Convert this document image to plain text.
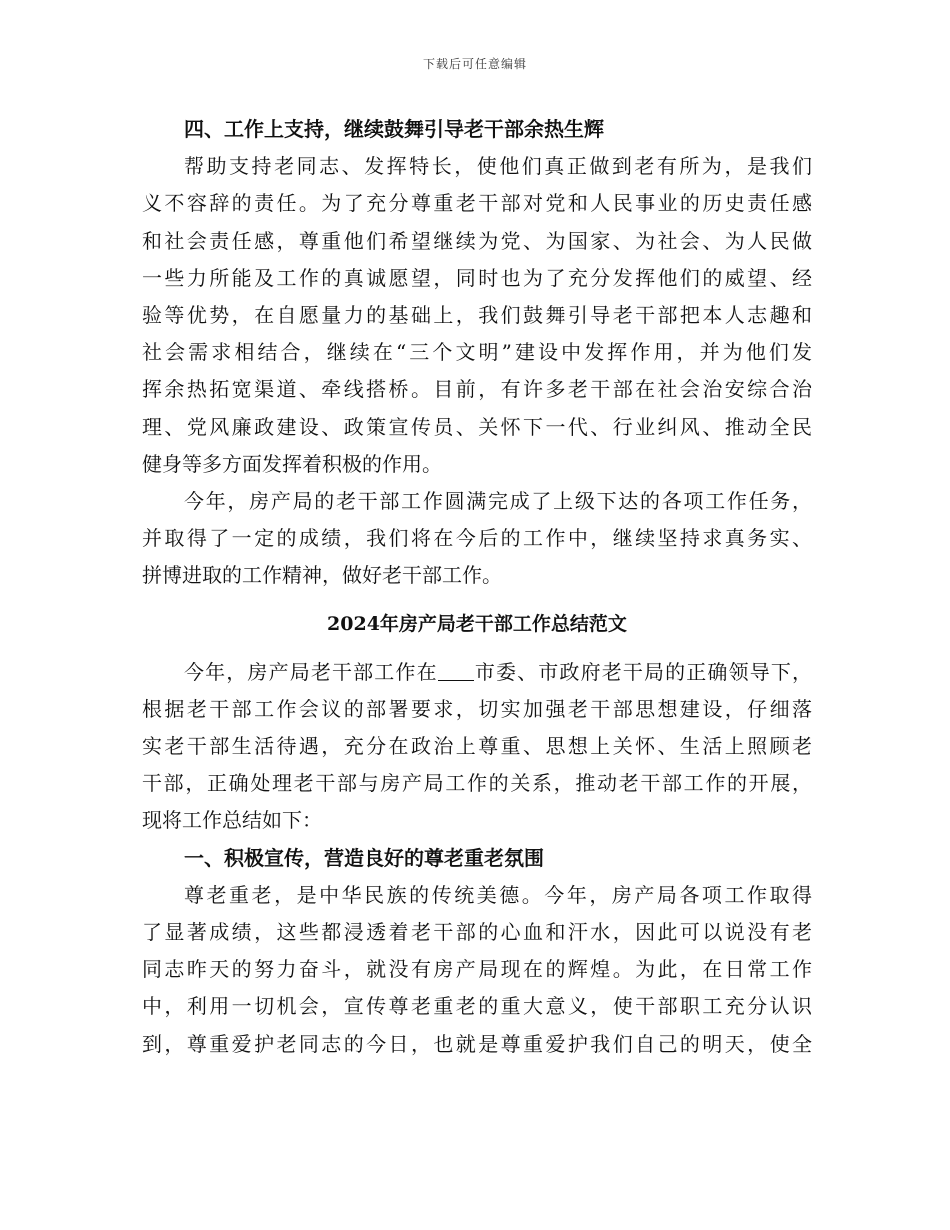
下载后可任意编辑
四、工作上支持，继续鼓舞引导老干部余热生辉
帮助支持老同志、发挥特长，使他们真正做到老有所为，是我们
义不容辞的责任。为了充分尊重老干部对党和人民事业的历史责任感
和社会责任感，尊重他们希望继续为党、为国家、为社会、为人民做
一些力所能及工作的真诚愿望，同时也为了充分发挥他们的威望、经
验等优势，在自愿量力的基础上，我们鼓舞引导老干部把本人志趣和
社会需求相结合，继续在“三个文明”建设中发挥作用，并为他们发
挥余热拓宽渠道、牵线搭桥。目前，有许多老干部在社会治安综合治
理、党风廉政建设、政策宣传员、关怀下一代、行业纠风、推动全民
健身等多方面发挥着积极的作用。
今年，房产局的老干部工作圆满完成了上级下达的各项工作任务，
并取得了一定的成绩，我们将在今后的工作中，继续坚持求真务实、
拼博进取的工作精神，做好老干部工作。
2024年房产局老干部工作总结范文
今年，房产局老干部工作在 市委、市政府老干局的正确领导下，
根据老干部工作会议的部署要求，切实加强老干部思想建设，仔细落
实老干部生活待遇，充分在政治上尊重、思想上关怀、生活上照顾老
干部，正确处理老干部与房产局工作的关系，推动老干部工作的开展，
现将工作总结如下：
一、积极宣传，营造良好的尊老重老氛围
尊老重老，是中华民族的传统美德。今年，房产局各项工作取得
了显著成绩，这些都浸透着老干部的心血和汗水，因此可以说没有老
同志昨天的努力奋斗，就没有房产局现在的辉煌。为此，在日常工作
中，利用一切机会，宣传尊老重老的重大意义，使干部职工充分认识
到，尊重爱护老同志的今日，也就是尊重爱护我们自己的明天，使全
